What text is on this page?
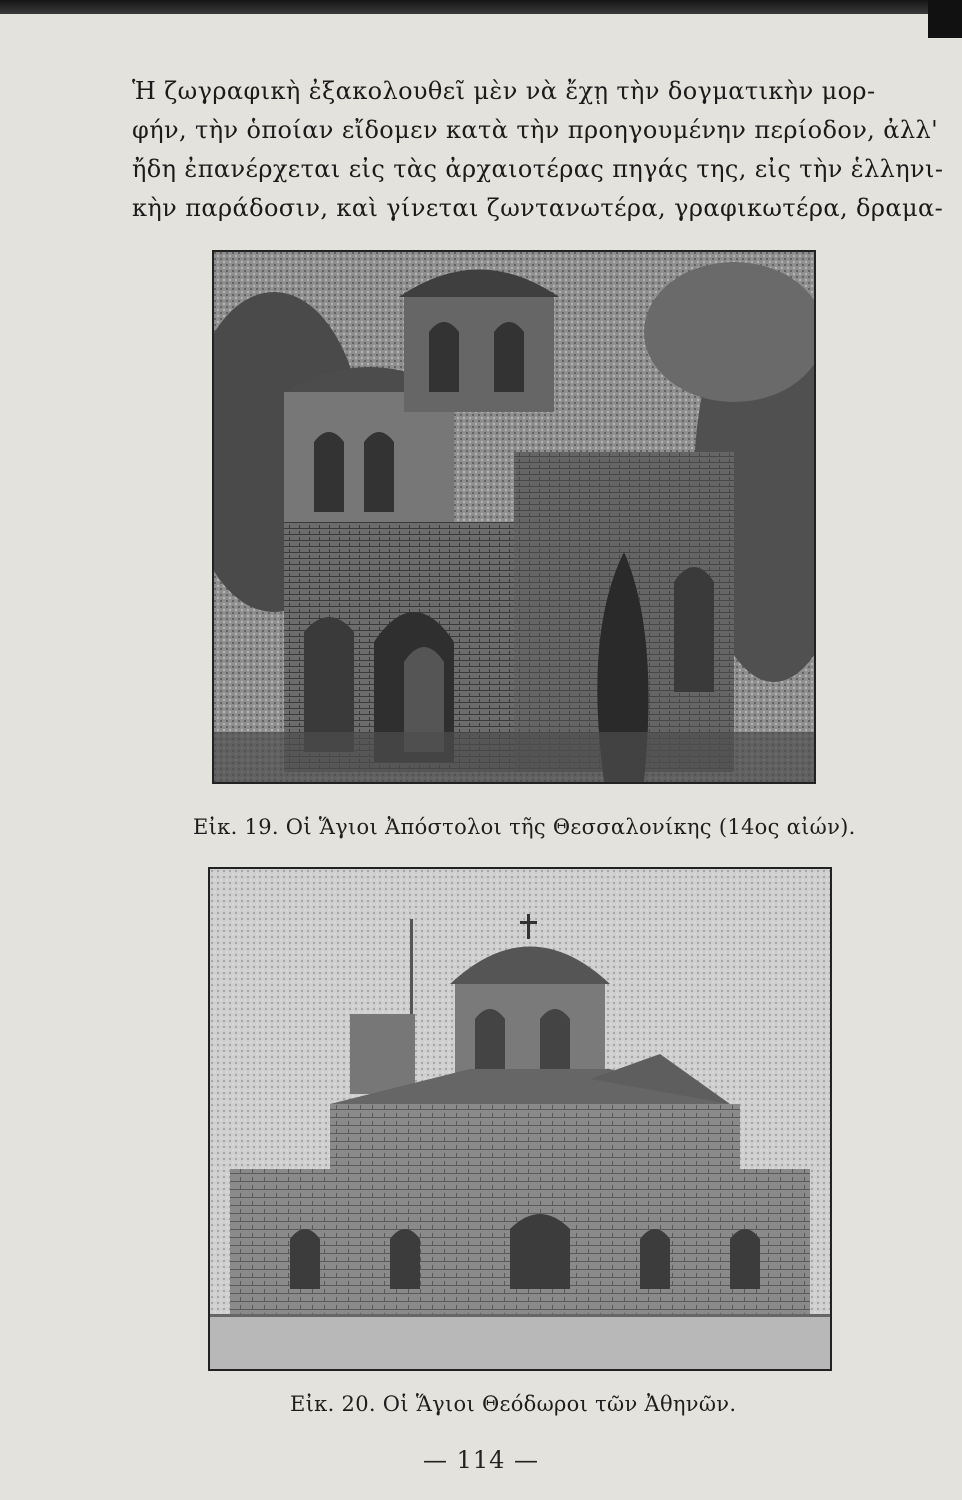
Ἡ ζωγραφικὴ ἐξακολουθεῖ μὲν νὰ ἔχῃ τὴν δογματικὴν μορ-
φήν, τὴν ὁποίαν εἴδομεν κατὰ τὴν προηγουμένην περίοδον, ἀλλ'
ἤδη ἐπανέρχεται εἰς τὰς ἀρχαιοτέρας πηγάς της, εἰς τὴν ἑλληνι-
κὴν παράδοσιν, καὶ γίνεται ζωντανωτέρα, γραφικωτέρα, δραμα-
Εἰκ. 19. Οἱ Ἅγιοι Ἀπόστολοι τῆς Θεσσαλονίκης (14ος αἰών).
Εἰκ. 20. Οἱ Ἅγιοι Θεόδωροι τῶν Ἀθηνῶν.
— 114 —
